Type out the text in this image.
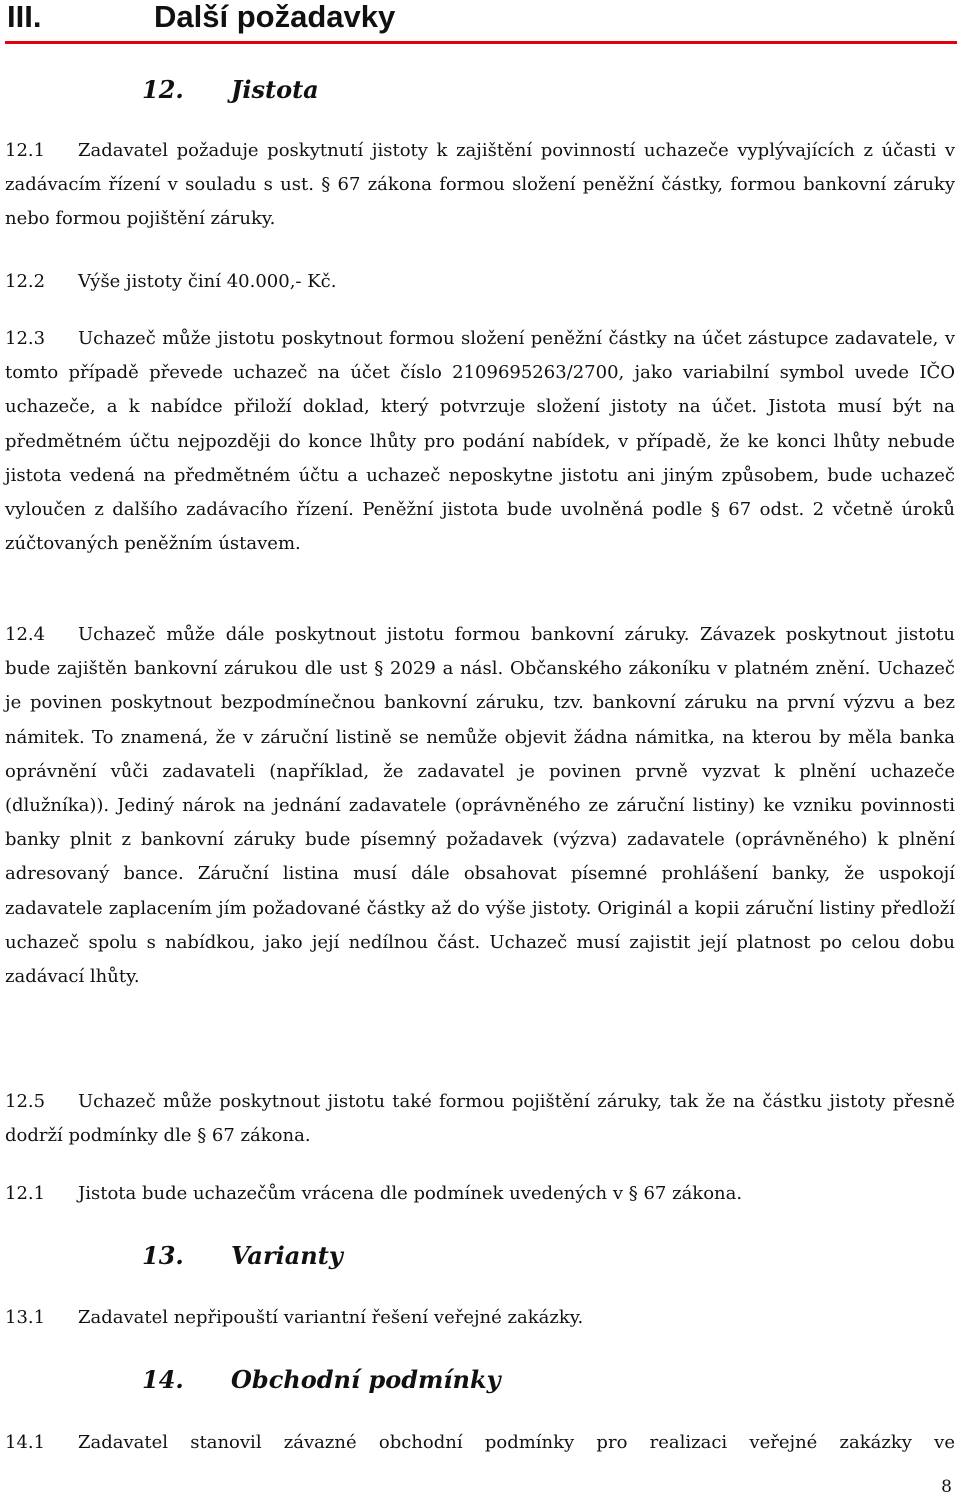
III.	Další požadavky
12. Jistota

12.1 Zadavatel požaduje poskytnutí jistoty k zajištění povinností uchazeče vyplývajících z účasti v zadávacím řízení v souladu s ust. § 67 zákona formou složení peněžní částky, formou bankovní záruky nebo formou pojištění záruky.

12.2 Výše jistoty činí 40.000,- Kč.

12.3 Uchazeč může jistotu poskytnout formou složení peněžní částky na účet zástupce zadavatele, v tomto případě převede uchazeč na účet číslo 2109695263/2700, jako variabilní symbol uvede IČO uchazeče, a k nabídce přiloží doklad, který potvrzuje složení jistoty na účet. Jistota musí být na předmětném účtu nejpozději do konce lhůty pro podání nabídek, v případě, že ke konci lhůty nebude jistota vedená na předmětném účtu a uchazeč neposkytne jistotu ani jiným způsobem, bude uchazeč vyloučen z dalšího zadávacího řízení. Peněžní jistota bude uvolněná podle § 67 odst. 2 včetně úroků zúčtovaných peněžním ústavem.

12.4 Uchazeč může dále poskytnout jistotu formou bankovní záruky. Závazek poskytnout jistotu bude zajištěn bankovní zárukou dle ust § 2029 a násl. Občanského zákoníku v platném znění. Uchazeč je povinen poskytnout bezpodmínečnou bankovní záruku, tzv. bankovní záruku na první výzvu a bez námitek. To znamená, že v záruční listině se nemůže objevit žádna námitka, na kterou by měla banka oprávnění vůči zadavateli (například, že zadavatel je povinen prvně vyzvat k plnění uchazeče (dlužníka)). Jediný nárok na jednání zadavatele (oprávněného ze záruční listiny) ke vzniku povinnosti banky plnit z bankovní záruky bude písemný požadavek (výzva) zadavatele (oprávněného) k plnění adresovaný bance. Záruční listina musí dále obsahovat písemné prohlášení banky, že uspokojí zadavatele zaplacením jím požadované částky až do výše jistoty. Originál a kopii záruční listiny předloží uchazeč spolu s nabídkou, jako její nedílnou část. Uchazeč musí zajistit její platnost po celou dobu zadávací lhůty.

12.5 Uchazeč může poskytnout jistotu také formou pojištění záruky, tak že na částku jistoty přesně dodrží podmínky dle § 67 zákona.

12.1 Jistota bude uchazečům vrácena dle podmínek uvedených v § 67 zákona.

13. Varianty

13.1 Zadavatel nepřipouští variantní řešení veřejné zakázky.

14. Obchodní podmínky

14.1 Zadavatel stanovil závazné obchodní podmínky pro realizaci veřejné zakázky ve

8
